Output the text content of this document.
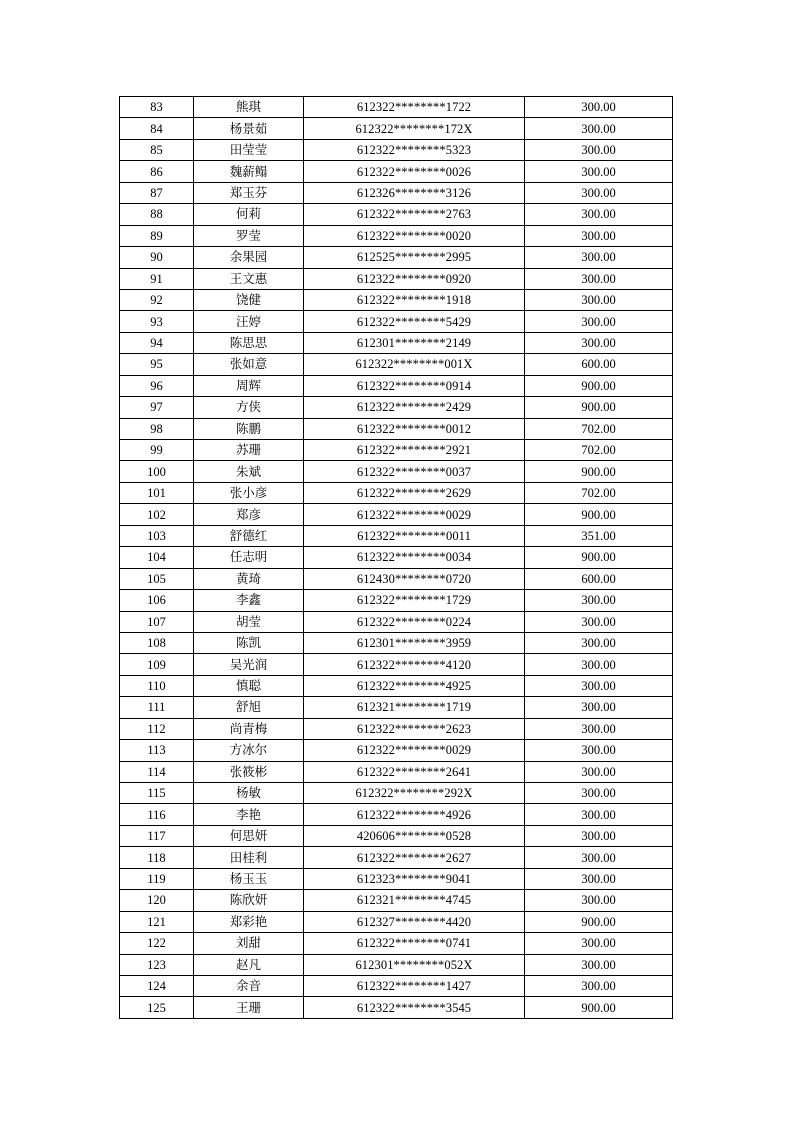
83	熊琪	612322********1722	300.00
84	杨景茹	612322********172X	300.00
85	田莹莹	612322********5323	300.00
86	魏薪鳎	612322********0026	300.00
87	郑玉芬	612326********3126	300.00
88	何莉	612322********2763	300.00
89	罗莹	612322********0020	300.00
90	余果园	612525********2995	300.00
91	王文惠	612322********0920	300.00
92	饶健	612322********1918	300.00
93	汪婷	612322********5429	300.00
94	陈思思	612301********2149	300.00
95	张如意	612322********001X	600.00
96	周辉	612322********0914	900.00
97	方侠	612322********2429	900.00
98	陈鹏	612322********0012	702.00
99	苏珊	612322********2921	702.00
100	朱斌	612322********0037	900.00
101	张小彦	612322********2629	702.00
102	郑彦	612322********0029	900.00
103	舒德红	612322********0011	351.00
104	任志明	612322********0034	900.00
105	黄琦	612430********0720	600.00
106	李鑫	612322********1729	300.00
107	胡莹	612322********0224	300.00
108	陈凯	612301********3959	300.00
109	吴光润	612322********4120	300.00
110	慎聪	612322********4925	300.00
111	舒旭	612321********1719	300.00
112	尚青梅	612322********2623	300.00
113	方冰尔	612322********0029	300.00
114	张筱彬	612322********2641	300.00
115	杨敏	612322********292X	300.00
116	李艳	612322********4926	300.00
117	何思妍	420606********0528	300.00
118	田桂利	612322********2627	300.00
119	杨玉玉	612323********9041	300.00
120	陈欣妍	612321********4745	300.00
121	郑彩艳	612327********4420	900.00
122	刘甜	612322********0741	300.00
123	赵凡	612301********052X	300.00
124	余音	612322********1427	300.00
125	王珊	612322********3545	900.00
